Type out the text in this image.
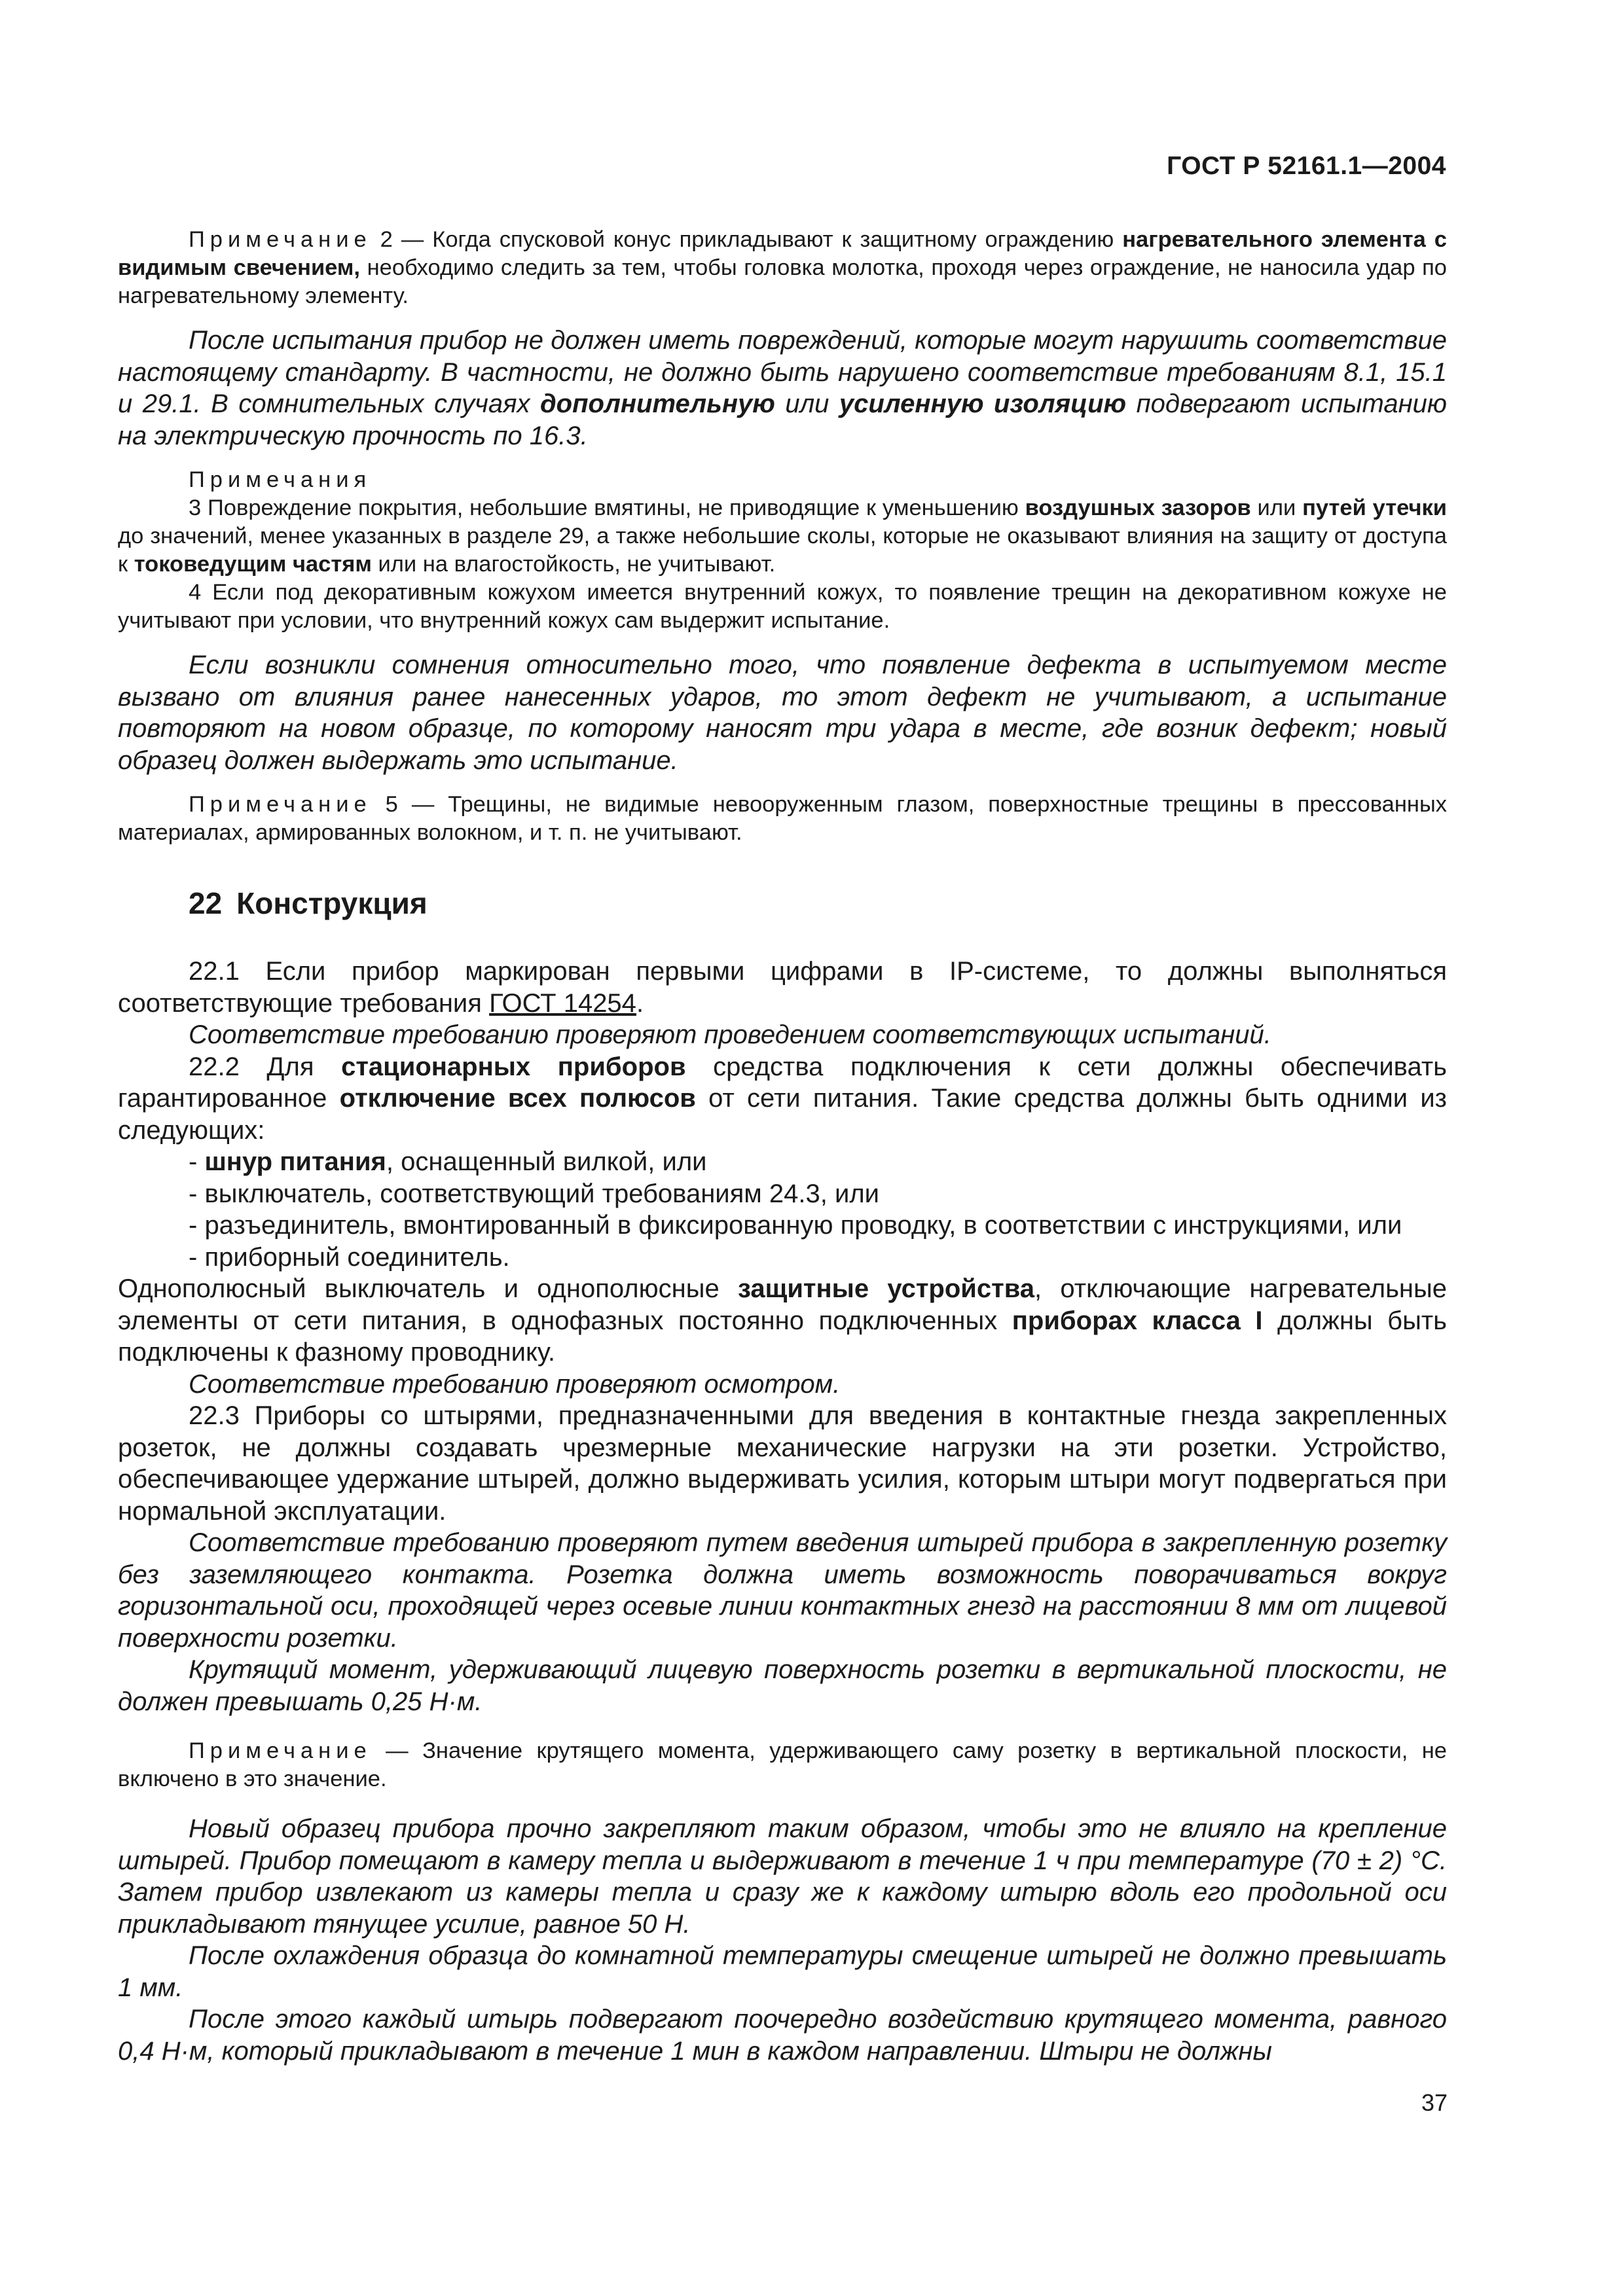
ГОСТ Р 52161.1—2004

Примечание 2 — Когда спусковой конус прикладывают к защитному ограждению нагревательного элемента с видимым свечением, необходимо следить за тем, чтобы головка молотка, проходя через ограждение, не наносила удар по нагревательному элементу.

После испытания прибор не должен иметь повреждений, которые могут нарушить соответствие настоящему стандарту. В частности, не должно быть нарушено соответствие требованиям 8.1, 15.1 и 29.1. В сомнительных случаях дополнительную или усиленную изоляцию подвергают испытанию на электрическую прочность по 16.3.

Примечания

3 Повреждение покрытия, небольшие вмятины, не приводящие к уменьшению воздушных зазоров или путей утечки до значений, менее указанных в разделе 29, а также небольшие сколы, которые не оказывают влияния на защиту от доступа к токоведущим частям или на влагостойкость, не учитывают.

4 Если под декоративным кожухом имеется внутренний кожух, то появление трещин на декоративном кожухе не учитывают при условии, что внутренний кожух сам выдержит испытание.

Если возникли сомнения относительно того, что появление дефекта в испытуемом месте вызвано от влияния ранее нанесенных ударов, то этот дефект не учитывают, а испытание повторяют на новом образце, по которому наносят три удара в месте, где возник дефект; новый образец должен выдержать это испытание.

Примечание 5 — Трещины, не видимые невооруженным глазом, поверхностные трещины в прессованных материалах, армированных волокном, и т. п. не учитывают.

22 Конструкция

22.1 Если прибор маркирован первыми цифрами в IP-системе, то должны выполняться соответствующие требования ГОСТ 14254.

Соответствие требованию проверяют проведением соответствующих испытаний.

22.2 Для стационарных приборов средства подключения к сети должны обеспечивать гарантированное отключение всех полюсов от сети питания. Такие средства должны быть одними из следующих:

- шнур питания, оснащенный вилкой, или
- выключатель, соответствующий требованиям 24.3, или
- разъединитель, вмонтированный в фиксированную проводку, в соответствии с инструкциями, или
- приборный соединитель.

Однополюсный выключатель и однополюсные защитные устройства, отключающие нагревательные элементы от сети питания, в однофазных постоянно подключенных приборах класса I должны быть подключены к фазному проводнику.

Соответствие требованию проверяют осмотром.

22.3 Приборы со штырями, предназначенными для введения в контактные гнезда закрепленных розеток, не должны создавать чрезмерные механические нагрузки на эти розетки. Устройство, обеспечивающее удержание штырей, должно выдерживать усилия, которым штыри могут подвергаться при нормальной эксплуатации.

Соответствие требованию проверяют путем введения штырей прибора в закрепленную розетку без заземляющего контакта. Розетка должна иметь возможность поворачиваться вокруг горизонтальной оси, проходящей через осевые линии контактных гнезд на расстоянии 8 мм от лицевой поверхности розетки.

Крутящий момент, удерживающий лицевую поверхность розетки в вертикальной плоскости, не должен превышать 0,25 Н·м.

Примечание — Значение крутящего момента, удерживающего саму розетку в вертикальной плоскости, не включено в это значение.

Новый образец прибора прочно закрепляют таким образом, чтобы это не влияло на крепление штырей. Прибор помещают в камеру тепла и выдерживают в течение 1 ч при температуре (70 ± 2) °С. Затем прибор извлекают из камеры тепла и сразу же к каждому штырю вдоль его продольной оси прикладывают тянущее усилие, равное 50 Н.

После охлаждения образца до комнатной температуры смещение штырей не должно превышать 1 мм.

После этого каждый штырь подвергают поочередно воздействию крутящего момента, равного 0,4 Н·м, который прикладывают в течение 1 мин в каждом направлении. Штыри не должны

37
